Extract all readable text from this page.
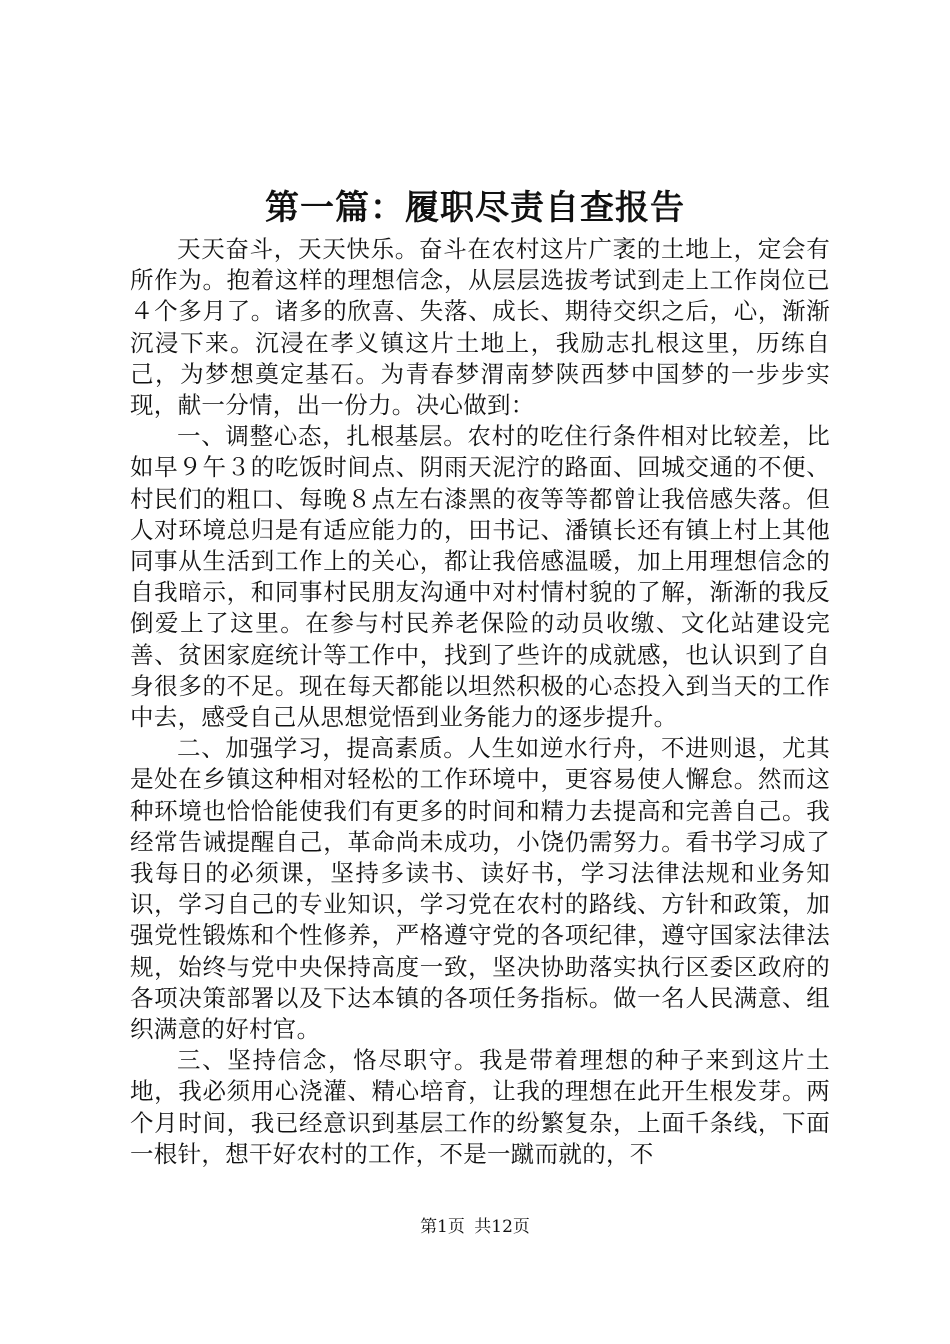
第一篇：履职尽责自查报告

天天奋斗，天天快乐。奋斗在农村这片广袤的土地上，定会有所作为。抱着这样的理想信念，从层层选拔考试到走上工作岗位已４个多月了。诸多的欣喜、失落、成长、期待交织之后，心，渐渐沉浸下来。沉浸在孝义镇这片土地上，我励志扎根这里，历练自己，为梦想奠定基石。为青春梦渭南梦陕西梦中国梦的一步步实现，献一分情，出一份力。决心做到：

一、调整心态，扎根基层。农村的吃住行条件相对比较差，比如早９午３的吃饭时间点、阴雨天泥泞的路面、回城交通的不便、村民们的粗口、每晚８点左右漆黑的夜等等都曾让我倍感失落。但人对环境总归是有适应能力的，田书记、潘镇长还有镇上村上其他同事从生活到工作上的关心，都让我倍感温暖，加上用理想信念的自我暗示，和同事村民朋友沟通中对村情村貌的了解，渐渐的我反倒爱上了这里。在参与村民养老保险的动员收缴、文化站建设完善、贫困家庭统计等工作中，找到了些许的成就感，也认识到了自身很多的不足。现在每天都能以坦然积极的心态投入到当天的工作中去，感受自己从思想觉悟到业务能力的逐步提升。

二、加强学习，提高素质。人生如逆水行舟，不进则退，尤其是处在乡镇这种相对轻松的工作环境中，更容易使人懈怠。然而这种环境也恰恰能使我们有更多的时间和精力去提高和完善自己。我经常告诫提醒自己，革命尚未成功，小饶仍需努力。看书学习成了我每日的必须课，坚持多读书、读好书，学习法律法规和业务知识，学习自己的专业知识，学习党在农村的路线、方针和政策，加强党性锻炼和个性修养，严格遵守党的各项纪律，遵守国家法律法规，始终与党中央保持高度一致，坚决协助落实执行区委区政府的各项决策部署以及下达本镇的各项任务指标。做一名人民满意、组织满意的好村官。

三、坚持信念，恪尽职守。我是带着理想的种子来到这片土地，我必须用心浇灌、精心培育，让我的理想在此开生根发芽。两个月时间，我已经意识到基层工作的纷繁复杂，上面千条线，下面一根针，想干好农村的工作，不是一蹴而就的，不

第1页 共12页
